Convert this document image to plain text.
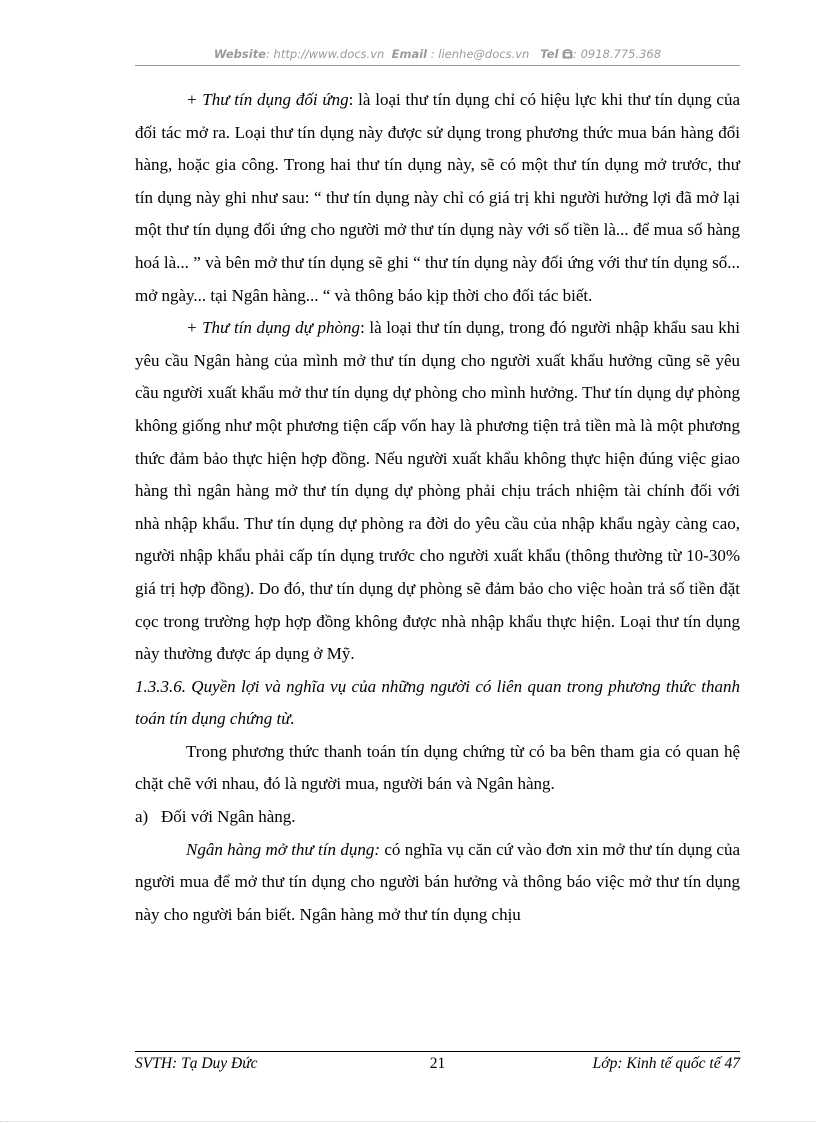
Website: http://www.docs.vn Email : lienhe@docs.vn Tel : 0918.775.368

+ Thư tín dụng đối ứng: là loại thư tín dụng chỉ có hiệu lực khi thư tín dụng của đối tác mở ra. Loại thư tín dụng này được sử dụng trong phương thức mua bán hàng đổi hàng, hoặc gia công. Trong hai thư tín dụng này, sẽ có một thư tín dụng mở trước, thư tín dụng này ghi như sau: “ thư tín dụng này chỉ có giá trị khi người hưởng lợi đã mở lại một thư tín dụng đối ứng cho người mở thư tín dụng này với số tiền là... để mua số hàng hoá là... ” và bên mở thư tín dụng sẽ ghi “ thư tín dụng này đối ứng với thư tín dụng số... mở ngày... tại Ngân hàng... “ và thông báo kịp thời cho đối tác biết.

+ Thư tín dụng dự phòng: là loại thư tín dụng, trong đó người nhập khẩu sau khi yêu cầu Ngân hàng của mình mở thư tín dụng cho người xuất khẩu hưởng cũng sẽ yêu cầu người xuất khẩu mở thư tín dụng dự phòng cho mình hưởng. Thư tín dụng dự phòng không giống như một phương tiện cấp vốn hay là phương tiện trả tiền mà là một phương thức đảm bảo thực hiện hợp đồng. Nếu người xuất khẩu không thực hiện đúng việc giao hàng thì ngân hàng mở thư tín dụng dự phòng phải chịu trách nhiệm tài chính đối với nhà nhập khẩu. Thư tín dụng dự phòng ra đời do yêu cầu của nhập khẩu ngày càng cao, người nhập khẩu phải cấp tín dụng trước cho người xuất khẩu (thông thường từ 10-30% giá trị hợp đồng). Do đó, thư tín dụng dự phòng sẽ đảm bảo cho việc hoàn trả số tiền đặt cọc trong trường hợp hợp đồng không được nhà nhập khẩu thực hiện. Loại thư tín dụng này thường được áp dụng ở Mỹ.

1.3.3.6. Quyền lợi và nghĩa vụ của những người có liên quan trong phương thức thanh toán tín dụng chứng từ.

Trong phương thức thanh toán tín dụng chứng từ có ba bên tham gia có quan hệ chặt chẽ với nhau, đó là người mua, người bán và Ngân hàng.

a)   Đối với Ngân hàng.

Ngân hàng mở thư tín dụng: có nghĩa vụ căn cứ vào đơn xin mở thư tín dụng của người mua để mở thư tín dụng cho người bán hưởng và thông báo việc mở thư tín dụng này cho người bán biết. Ngân hàng mở thư tín dụng chịu

SVTH: Tạ Duy Đức	21	Lớp: Kinh tế quốc tế 47
